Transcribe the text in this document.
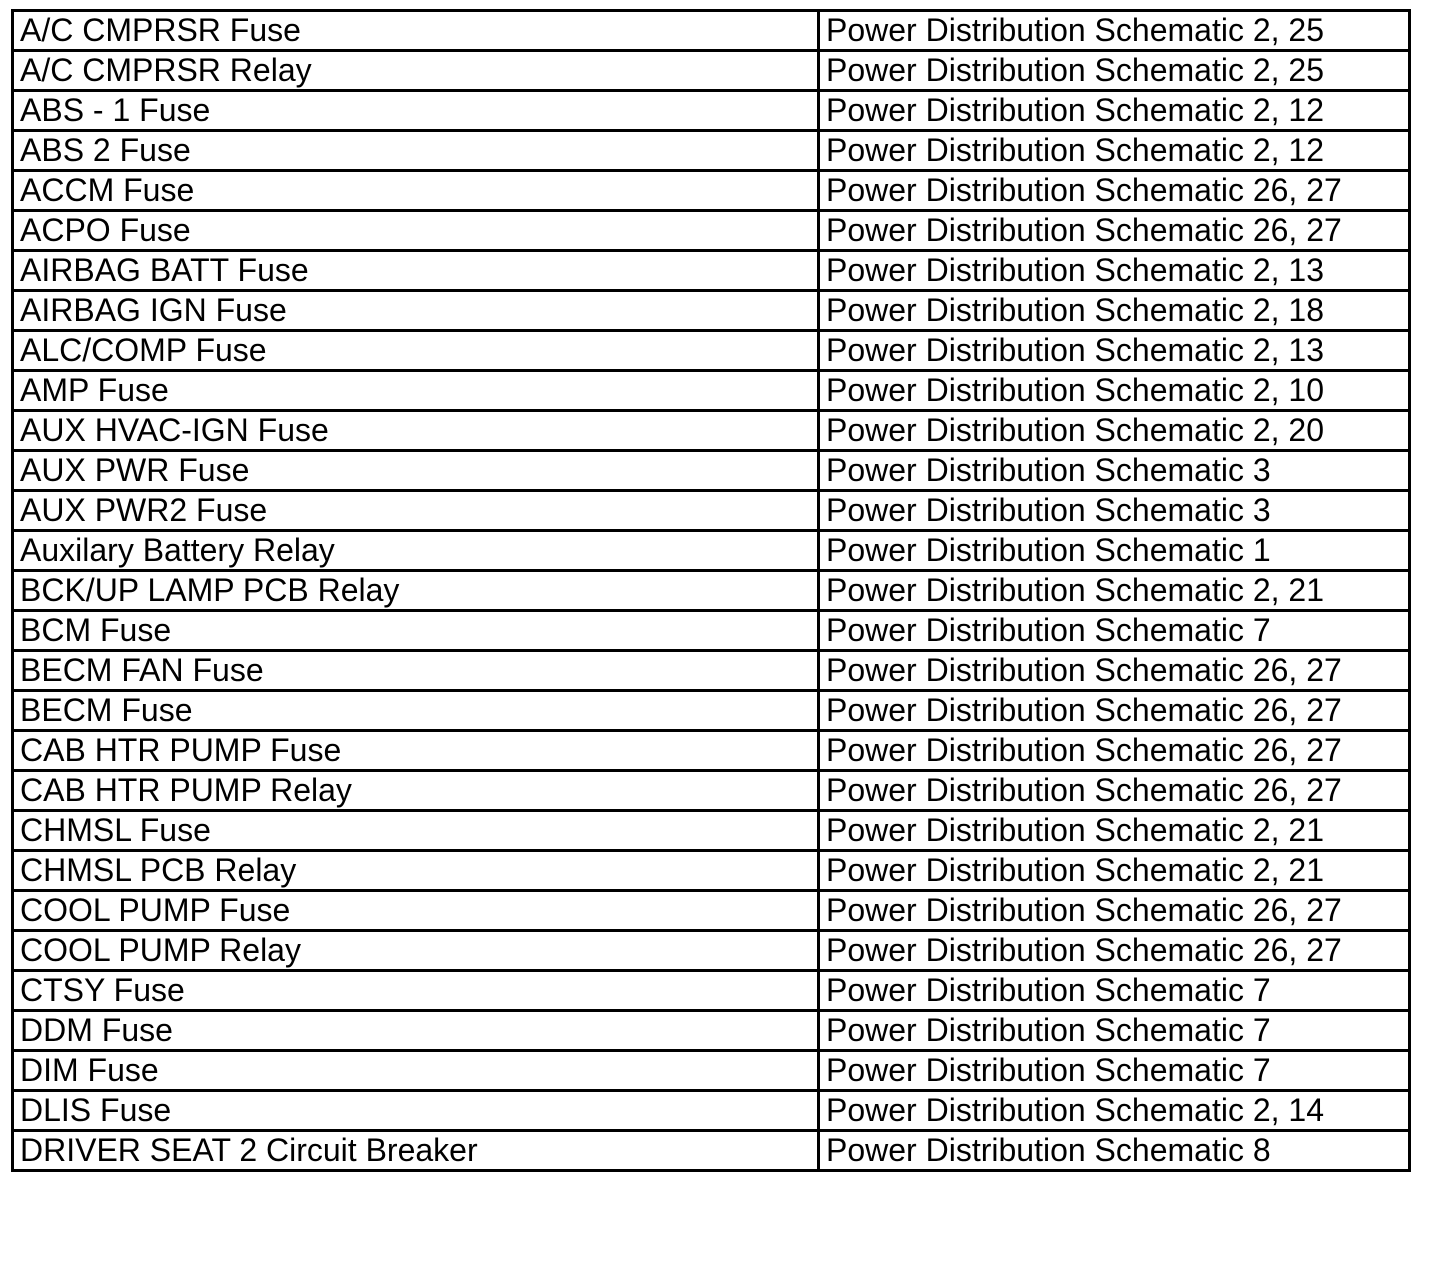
A/C CMPRSR Fuse	Power Distribution Schematic 2, 25
A/C CMPRSR Relay	Power Distribution Schematic 2, 25
ABS - 1 Fuse	Power Distribution Schematic 2, 12
ABS 2 Fuse	Power Distribution Schematic 2, 12
ACCM Fuse	Power Distribution Schematic 26, 27
ACPO Fuse	Power Distribution Schematic 26, 27
AIRBAG BATT Fuse	Power Distribution Schematic 2, 13
AIRBAG IGN Fuse	Power Distribution Schematic 2, 18
ALC/COMP Fuse	Power Distribution Schematic 2, 13
AMP Fuse	Power Distribution Schematic 2, 10
AUX HVAC-IGN Fuse	Power Distribution Schematic 2, 20
AUX PWR Fuse	Power Distribution Schematic 3
AUX PWR2 Fuse	Power Distribution Schematic 3
Auxilary Battery Relay	Power Distribution Schematic 1
BCK/UP LAMP PCB Relay	Power Distribution Schematic 2, 21
BCM Fuse	Power Distribution Schematic 7
BECM FAN Fuse	Power Distribution Schematic 26, 27
BECM Fuse	Power Distribution Schematic 26, 27
CAB HTR PUMP Fuse	Power Distribution Schematic 26, 27
CAB HTR PUMP Relay	Power Distribution Schematic 26, 27
CHMSL Fuse	Power Distribution Schematic 2, 21
CHMSL PCB Relay	Power Distribution Schematic 2, 21
COOL PUMP Fuse	Power Distribution Schematic 26, 27
COOL PUMP Relay	Power Distribution Schematic 26, 27
CTSY Fuse	Power Distribution Schematic 7
DDM Fuse	Power Distribution Schematic 7
DIM Fuse	Power Distribution Schematic 7
DLIS Fuse	Power Distribution Schematic 2, 14
DRIVER SEAT 2 Circuit Breaker	Power Distribution Schematic 8
